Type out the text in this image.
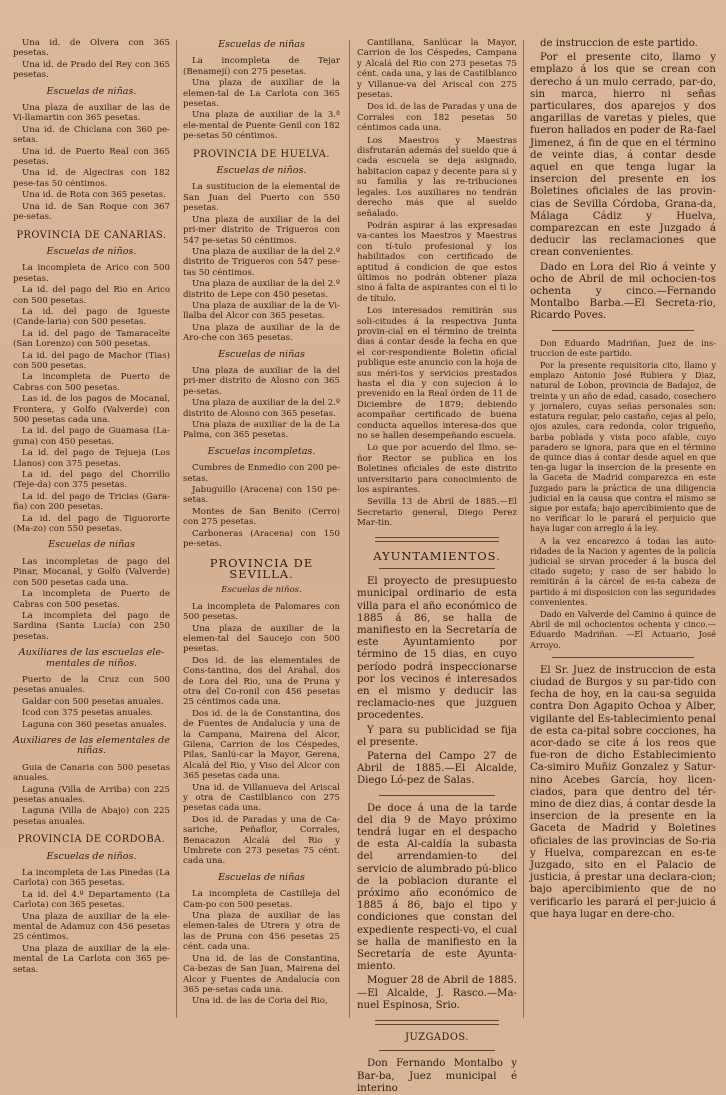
Una id. de Olvera con 365 pesetas.

Una id. de Prado del Rey con 365 pesetas.

Escuelas de niñas.

Una plaza de auxiliar de las de Vi-llamartin con 365 pesetas.

Una id. de Chiclana con 360 pe-setas.

Una id. de Puerto Real con 365 pesetas.

Una id. de Algeciras con 182 pese-tas 50 céntimos.

Una id. de Rota con 365 pesetas.

Una id. de San Roque con 367 pe-setas.

PROVINCIA DE CANARIAS.
Escuelas de niños.

La incompleta de Arico con 500 pesetas.

La id. del pago del Rio en Arico con 500 pesetas.

La id. del pago de Igueste (Cande-laria) con 500 pesetas.

La id. del pago de Tamaracelte (San Lorenzo) con 500 pesetas.

La id. del pago de Machor (Tias) con 500 pesetas.

La incompleta de Puerto de Cabras con 500 pesetas.

Las id. de los pagos de Mocanal, Frontera, y Golfo (Valverde) con 500 pesetas cada una.

La id. del pago de Guamasa (La-guna) con 450 pesetas.

La id. del pago de Tejueja (Los Llanos) con 375 pesetas.

La id. del pago del Chorrillo (Teje-da) con 375 pesetas.

La id. del pago de Tricias (Gara-fia) con 200 pesetas.

La id. del pago de Tiguororte (Ma-zo) con 550 pesetas.

Escuelas de niñas

Las incompletas de pago del Pinar, Mocanal, y Golfo (Valverde) con 500 pesetas cada una.

La incompleta de Puerto de Cabras con 500 pesetas.

La incompleta del pago de Sardina (Santa Lucía) con 250 pesetas.

Auxiliares de las escuelas ele-mentales de niños.

Puerto de la Cruz con 500 pesetas anuales.

Galdar con 500 pesetas anuales.

Icod con 375 pesetas anuales.

Laguna con 360 pesetas anuales.

Auxiliares de las elementales de niñas.

Guia de Canaria con 500 pesetas anuales.

Laguna (Villa de Arriba) con 225 pesetas anuales.

Laguna (Villa de Abajo) con 225 pesetas anuales.

PROVINCIA DE CORDOBA.
Escuelas de niños.

La incompleta de Las Pinedas (La Carlota) con 365 pesetas.

La id. del 4.º Departamento (La Carlota) con 365 pesetas.

Una plaza de auxiliar de la ele-mental de Adamuz con 456 pesetas 25 céntimos.

Una plaza de auxiliar de la ele-mental de La Carlota con 365 pe-setas.

Escuelas de niñas

La incompleta de Tejar (Benamejí) con 275 pesetas.

Una plaza de auxiliar de la elemen-tal de La Carlota con 365 pesetas.

Una plaza de auxiliar de la 3.ª ele-mental de Puente Genil con 182 pe-setas 50 céntimos.

PROVINCIA DE HUELVA.
Escuelas de niños.

La sustitucion de la elemental de San Juan del Puerto con 550 pesetas.

Una plaza de auxiliar de la del pri-mer distrito de Trigueros con 547 pe-setas 50 céntimos.

Una plaza de auxiliar de la del 2.º distrito de Trigueros con 547 pese-tas 50 céntimos.

Una plaza de auxiliar de la del 2.º distrito de Lepe con 450 pesetas.

Una plaza de auxiliar de la de Vi-llalba del Alcor con 365 pesetas.

Una plaza de auxiliar de la de Aro-che con 365 pesetas.

Escuelas de niñas

Una plaza de auxiliar de la del pri-mer distrito de Alosno con 365 pe-setas.

Una plaza de auxiliar de la del 2.º distrito de Alosno con 365 pesetas.

Una plaza de auxiliar de la de La Palma, con 365 pesetas.

Escuelas incompletas.

Cumbres de Enmedio con 200 pe-setas.

Jabuguillo (Aracena) con 150 pe-setas.

Montes de San Benito (Cerro) con 275 pesetas.

Carboneras (Aracena) con 150 pe-setas.

PROVINCIA DE SEVILLA.
Escuelas de niños.

La incompleta de Palomares con 500 pesetas.

Una plaza de auxiliar de la elemen-tal del Saucejo con 500 pesetas.

Dos id. de las elementales de Cons-tantina, dos del Arahal, dos de Lora del Rio, una de Pruna y otra del Co-ronil con 456 pesetas 25 céntimos cada una.

Dos id. de la de Constantina, dos de Fuentes de Andalucía y una de la Campana, Mairena del Alcor, Gilena, Carrion de los Céspedes, Pilas, Sanlú-car la Mayor, Gerena, Alcalá del Rio, y Viso del Alcor con 365 pesetas cada una.

Una id. de Villanueva del Ariscal y otra de Castilblanco con 275 pesetas cada una.

Dos id. de Paradas y una de Ca-sariche, Peñaflor, Corrales, Benacazon Alcalá del Rio y Umbrete con 273 pesetas 75 cént. cada una.

Escuelas de niñas

La incompleta de Castilleja del Cam-po con 500 pesetas.

Una plaza de auxiliar de las elemen-tales de Utrera y otra de las de Pruna con 456 pesetas 25 cént. cada una.

Una id. de las de Constantina, Ca-bezas de San Juan, Mairena del Alcor y Fuentes de Andalucía con 365 pe-setas cada una.

Una id. de las de Coria del Rio,

Cantillana, Sanlúcar la Mayor, Carrion de los Céspedes, Campana y Alcalá del Rio con 273 pesetas 75 cént. cada una, y las de Castilblanco y Villanue-va del Ariscal con 275 pesetas.

Dos id. de las de Paradas y una de Corrales con 182 pesetas 50 céntimos cada una.

Los Maestros y Maestras disfrutarán además del sueldo que á cada escuela se deja asignado, habitacion capaz y decente para si y su familia y las re-tribuciones legales. Los auxiliares no tendrán derecho más que al sueldo señalado.

Podrán aspirar á las expresadas va-cantes los Maestros y Maestras con tí-tulo profesional y los habilitados con certificado de aptitud á condicion de que estos últimos no podrán obtener plaza sino á falta de aspirantes con el ti lo de título.

Los interesados remitirán sus soli-citudes á la respectiva Junta provin-cial en el término de treinta dias á contar desde la fecha en que el cor-respondiente Boletin oficial publique este anuncio con la hoja de sus méri-tos y servicios prestados hasta el dia y con sujecion á lo prevenido en la Real órden de 11 de Diciembre de 1879; debiendo acompañar certificado de buena conducta aquellos interesa-dos que no se hallen desempeñando escuela.

Lo que por acuerdo del Ilmo. se-ñor Rector se publica en los Boletines oficiales de este distrito universitario para conocimiento de los aspirantes.

Sevilla 13 de Abril de 1885.—El Secretario general, Diego Perez Mar-tin.

AYUNTAMIENTOS.

El proyecto de presupuesto municipal ordinario de esta villa para el año económico de 1885 á 86, se halla de manifiesto en la Secretaría de este Ayuntamiento por término de 15 dias, en cuyo período podrá inspeccionarse por los vecinos é interesados en el mismo y deducir las reclamacio-nes que juzguen procedentes.

Y para su publicidad se fija el presente.

Paterna del Campo 27 de Abril de 1885.—El Alcalde, Diego Ló-pez de Salas.

De doce á una de la tarde del dia 9 de Mayo próximo tendrá lugar en el despacho de esta Al-caldía la subasta del arrendamien-to del servicio de alumbrado pú-blico de la poblacion durante el próximo año económico de 1885 á 86, bajo el tipo y condiciones que constan del expediente respecti-vo, el cual se halla de manifiesto en la Secretaría de este Ayunta-miento.

Moguer 28 de Abril de 1885. —El Alcalde, J. Rasco.—Ma-nuel Espinosa, Srio.

JUZGADOS.

Don Fernando Montalbo y Bar-ba, Juez municipal é interino

de instruccion de este partido.

Por el presente cito, llamo y emplazo á los que se crean con derecho á un mulo cerrado, par-do, sin marca, hierro ni señas particulares, dos aparejos y dos angarillas de varetas y pieles, que fueron hallados en poder de Ra-fael Jimenez, á fin de que en el término de veinte dias, á contar desde aquel en que tenga lugar la insercion del presente en los Boletines oficiales de las provin-cias de Sevilla Córdoba, Grana-da, Málaga Cádiz y Huelva, comparezcan en este Juzgado á deducir las reclamaciones que crean convenientes.

Dado en Lora del Rio á veinte y ocho de Abril de mil ochocien-tos ochenta y cinco.—Fernando Montalbo Barba.—El Secreta-rio, Ricardo Poves.

Don Eduardo Madriñan, Juez de ins-truccion de este partido.

Por la presente requisitoria cito, llamo y emplazo Antonio José Rubiera y Diaz, natural de Lobon, provincia de Badajoz, de treinta y un año de edad, casado, cosechero y jornalero, cuyas señas personales son: estatura regular, pelo castaño, cejas al pelo, ojos azules, cara redonda, color trigueño, barba poblada y vista poco afable, cuyo paradero se ignora, para que en el término de quince dias á contar desde aquel en que ten-ga lugar la insercion de la presente en la Gaceta de Madrid comparezca en este Juzgado para la práctica de una diligencia judicial en la causa que contra el mismo se sigue por estafa; bajo apercibimiento que de no verificar lo le parará el perjuicio que haya lugar con arreglo á la ley.

A la vez encarezco á todas las auto-ridades de la Nacion y agentes de la policía judicial se sirvan proceder á la busca del citado sugeto; y caso de ser habido lo remitirán á la cárcel de es-ta cabeza de partido á mi disposicion con las seguridades convenientes.

Dado en Valverde del Camino á quince de Abril de mil ochocientos ochenta y cinco.—Eduardo Madriñan. —El Actuario, José Arroyo.

El Sr. Juez de instruccion de esta ciudad de Burgos y su par-tido con fecha de hoy, en la cau-sa seguida contra Don Agapito Ochoa y Alber, vigilante del Es-tablecimiento penal de esta ca-pital sobre cocciones, ha acor-dado se cite á los reos que fue-ron de dicho Establecimiento Ca-simiro Muñiz Gonzalez y Satur-nino Acebes García, hoy licen-ciados, para que dentro del tér-mino de diez dias, á contar desde la insercion de la presente en la Gaceta de Madrid y Boletines oficiales de las provincias de So-ria y Huelva, comparezcan en es-te Juzgado, sito en el Palacio de justicia, á prestar una declara-cion; bajo apercibimiento que de no verificarlo les parará el per-juicio á que haya lugar en dere-cho.
